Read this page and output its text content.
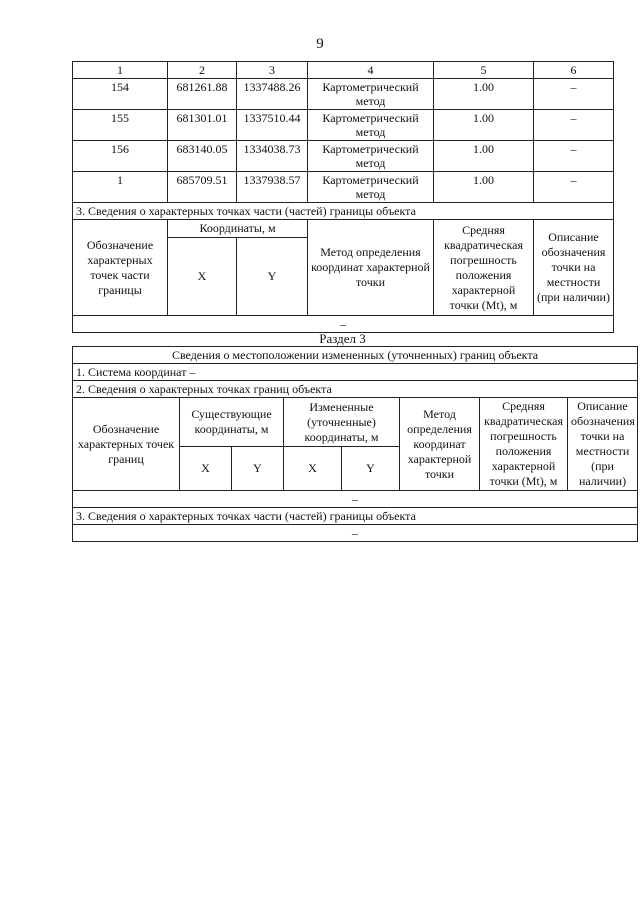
9
1	2	3	4	5	6
154	681261.88	1337488.26	Картометрический метод	1.00	–
155	681301.01	1337510.44	Картометрический метод	1.00	–
156	683140.05	1334038.73	Картометрический метод	1.00	–
1	685709.51	1337938.57	Картометрический метод	1.00	–
3. Сведения о характерных точках части (частей) границы объекта					
Обозначение характерных точек части границы	Координаты, м		Метод определения координат характерной точки	Средняя квадратическая погрешность положения характерной точки (Mt), м	Описание обозначения точки на местности (при наличии)
	X	Y			
–					
Раздел 3
Сведения о местоположении измененных (уточненных) границ объекта							
1. Система координат –							
2. Сведения о характерных точках границ объекта							
Обозначение характерных точек границ	Существующие координаты, м		Измененные (уточненные) координаты, м		Метод определения координат характерной точки	Средняя квадратическая погрешность положения характерной точки (Mt), м	Описание обозначения точки на местности (при наличии)
	X	Y	X	Y			
–							
3. Сведения о характерных точках части (частей) границы объекта							
–							
